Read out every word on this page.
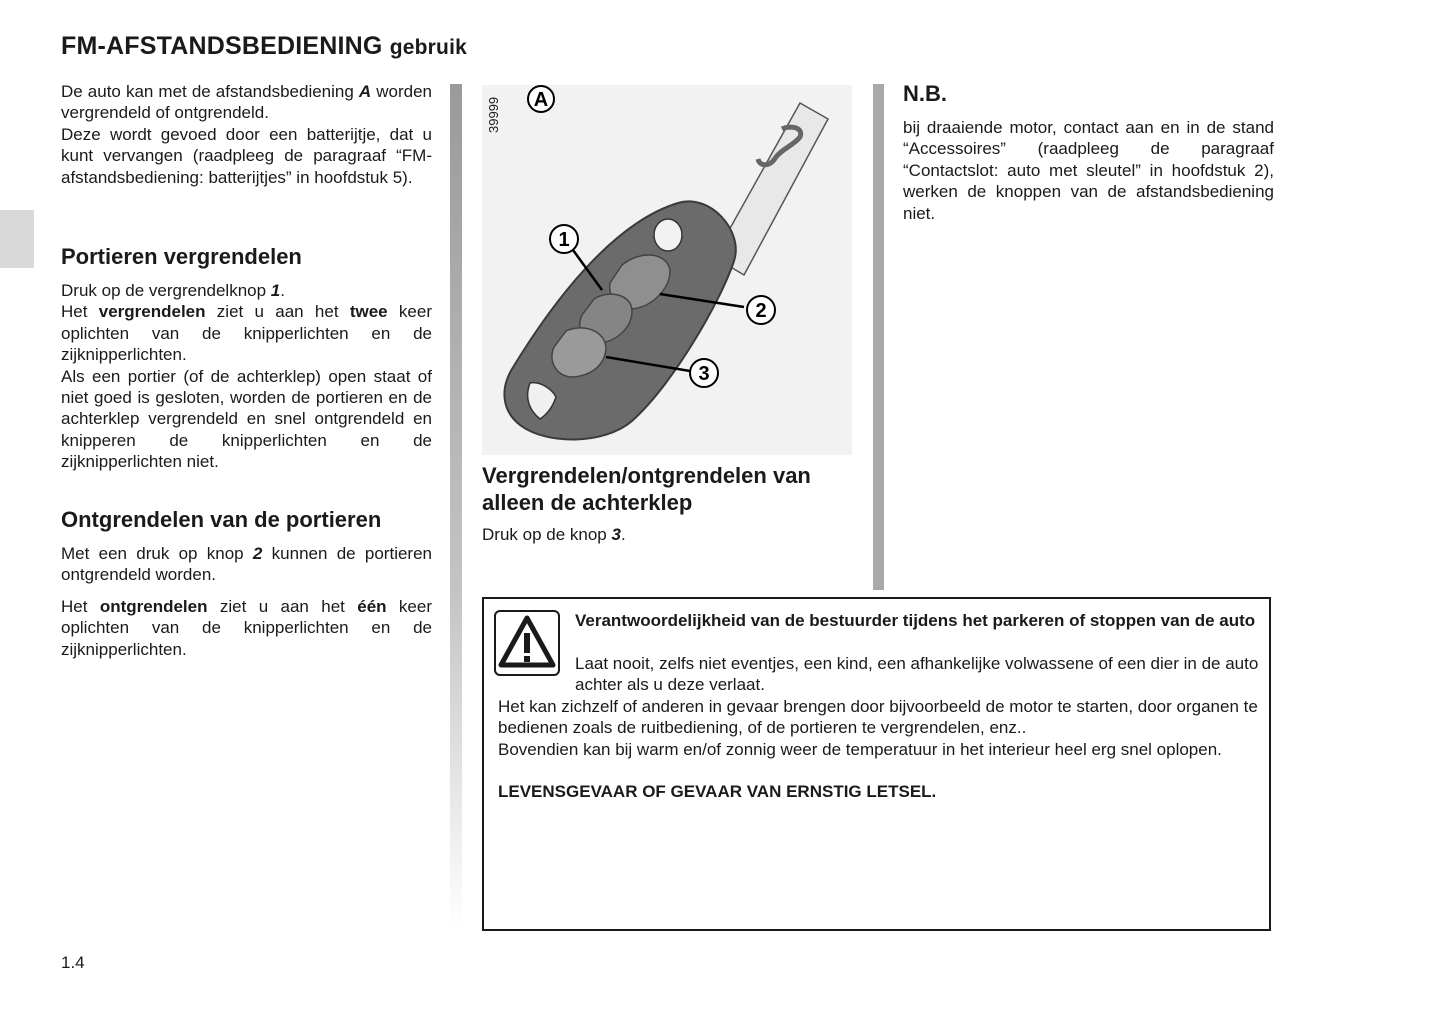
FM-AFSTANDSBEDIENING gebruik
De auto kan met de afstandsbediening A worden vergrendeld of ontgrendeld.
Deze wordt gevoed door een batterijtje, dat u kunt vervangen (raadpleeg de paragraaf “FM-afstandsbediening: batterijtjes” in hoofdstuk 5).
Portieren vergrendelen
Druk op de vergrendelknop 1.
Het vergrendelen ziet u aan het twee keer oplichten van de knipperlichten en de zijknipperlichten.
Als een portier (of de achterklep) open staat of niet goed is gesloten, worden de portieren en de achterklep vergrendeld en snel ontgrendeld en knipperen de knipperlichten en de zijknipperlichten niet.
Ontgrendelen van de portieren
Met een druk op knop 2 kunnen de portieren ontgrendeld worden.
Het ontgrendelen ziet u aan het één keer oplichten van de knipperlichten en de zijknipperlichten.
A
1
2
3
39999
Vergrendelen/ontgrendelen van alleen de achterklep
Druk op de knop 3.
N.B.
bij draaiende motor, contact aan en in de stand “Accessoires” (raadpleeg de paragraaf “Contactslot: auto met sleutel” in hoofdstuk 2), werken de knoppen van de afstandsbediening niet.
Verantwoordelijkheid van de bestuurder tijdens het parkeren of stoppen van de auto
Laat nooit, zelfs niet eventjes, een kind, een afhankelijke volwassene of een dier in de auto achter als u deze verlaat.
Het kan zichzelf of anderen in gevaar brengen door bijvoorbeeld de motor te starten, door organen te bedienen zoals de ruitbediening, of de portieren te vergrendelen, enz..
Bovendien kan bij warm en/of zonnig weer de temperatuur in het interieur heel erg snel oplopen.
LEVENSGEVAAR OF GEVAAR VAN ERNSTIG LETSEL.
1.4
